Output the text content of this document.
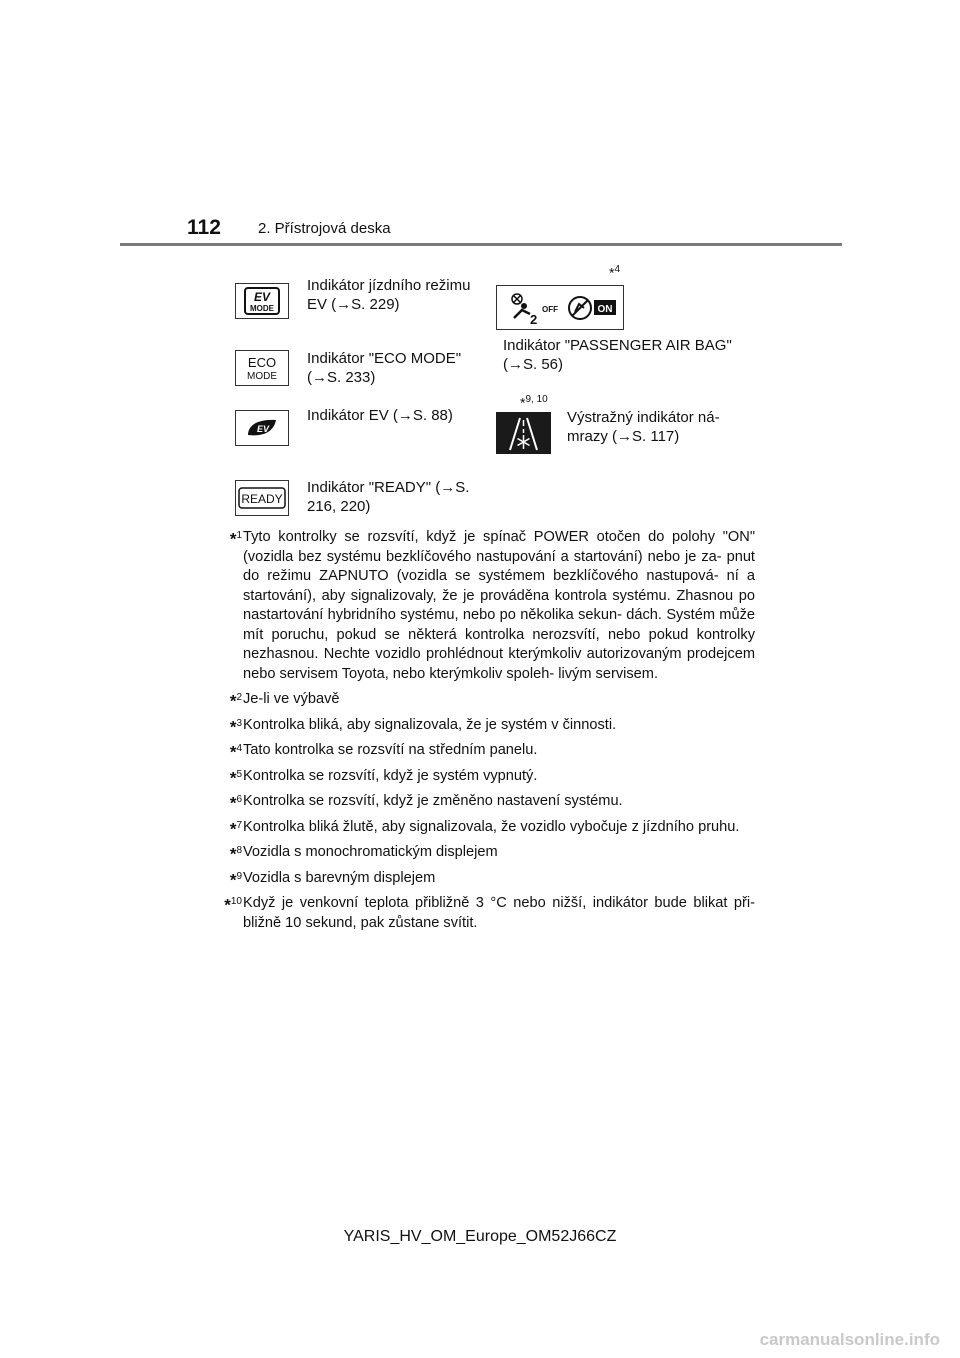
112 2. Přístrojová deska
EV
MODE
Indikátor jízdního režimu EV (→S. 229)
ECO
MODE
Indikátor "ECO MODE" (→S. 233)
EV
Indikátor EV (→S. 88)
READY
Indikátor "READY" (→S. 216, 220)
*$^4$
2
OFF	ON
Indikátor "PASSENGER AIR BAG" (→S. 56)
*$^{9, 10}$
Výstražný indikátor ná- mrazy (→S. 117)
*$^1$ Tyto kontrolky se rozsvítí, když je spínač POWER otočen do polohy "ON" (vozidla bez systému bezklíčového nastupování a startování) nebo je za- pnut do režimu ZAPNUTO (vozidla se systémem bezklíčového nastupová- ní a startování), aby signalizovaly, že je prováděna kontrola systému. Zhasnou po nastartování hybridního systému, nebo po několika sekun- dách. Systém může mít poruchu, pokud se některá kontrolka nerozsvítí, nebo pokud kontrolky nezhasnou. Nechte vozidlo prohlédnout kterýmkoliv autorizovaným prodejcem nebo servisem Toyota, nebo kterýmkoliv spoleh- livým servisem.
*$^2$ Je-li ve výbavě
*$^3$ Kontrolka bliká, aby signalizovala, že je systém v činnosti.
*$^4$ Tato kontrolka se rozsvítí na středním panelu.
*$^5$ Kontrolka se rozsvítí, když je systém vypnutý.
*$^6$ Kontrolka se rozsvítí, když je změněno nastavení systému.
*$^7$ Kontrolka bliká žlutě, aby signalizovala, že vozidlo vybočuje z jízdního pruhu.
*$^8$ Vozidla s monochromatickým displejem
*$^9$ Vozidla s barevným displejem
*$^{10}$ Když je venkovní teplota přibližně 3 °C nebo nižší, indikátor bude blikat při- bližně 10 sekund, pak zůstane svítit.
YARIS_HV_OM_Europe_OM52J66CZ
carmanualsonline.info
